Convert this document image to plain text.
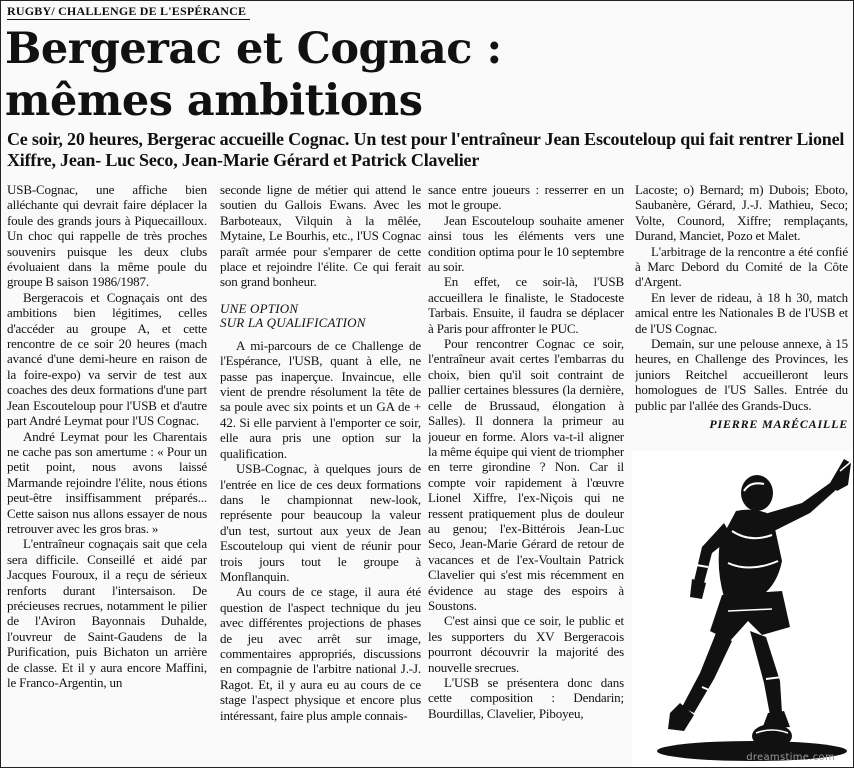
RUGBY/ CHALLENGE DE L'ESPÉRANCE
Bergerac et Cognac :
mêmes ambitions

Ce soir, 20 heures, Bergerac accueille Cognac. Un test pour l'entraîneur Jean Escouteloup qui fait rentrer Lionel Xiffre, Jean- Luc Seco, Jean-Marie Gérard et Patrick Clavelier

USB-Cognac, une affiche bien alléchante qui devrait faire déplacer la foule des grands jours à Piquecailloux. Un choc qui rappelle de très proches souvenirs puisque les deux clubs évoluaient dans la même poule du groupe B saison 1986/1987.

Bergeracois et Cognaçais ont des ambitions bien légitimes, celles d'accéder au groupe A, et cette rencontre de ce soir 20 heures (mach avancé d'une demi-heure en raison de la foire-expo) va servir de test aux coaches des deux formations d'une part Jean Escouteloup pour l'USB et d'autre part André Leymat pour l'US Cognac.

André Leymat pour les Charentais ne cache pas son amertume : « Pour un petit point, nous avons laissé Marmande rejoindre l'élite, nous étions peut-être insiffisamment préparés... Cette saison nus allons essayer de nous retrouver avec les gros bras. »

L'entraîneur cognaçais sait que cela sera difficile. Conseillé et aidé par Jacques Fouroux, il a reçu de sérieux renforts durant l'intersaison. De précieuses recrues, notamment le pilier de l'Aviron Bayonnais Duhalde, l'ouvreur de Saint-Gaudens de la Purification, puis Bichaton un arrière de classe. Et il y aura encore Maffini, le Franco-Argentin, un

seconde ligne de métier qui attend le soutien du Gallois Ewans. Avec les Barboteaux, Vilquin à la mêlée, Mytaine, Le Bourhis, etc., l'US Cognac paraît armée pour s'emparer de cette place et rejoindre l'élite. Ce qui ferait son grand bonheur.

UNE OPTION
SUR LA QUALIFICATION

A mi-parcours de ce Challenge de l'Espérance, l'USB, quant à elle, ne passe pas inaperçue. Invaincue, elle vient de prendre résolument la tête de sa poule avec six points et un GA de + 42. Si elle parvient à l'emporter ce soir, elle aura pris une option sur la qualification.

USB-Cognac, à quelques jours de l'entrée en lice de ces deux formations dans le championnat new-look, représente pour beaucoup la valeur d'un test, surtout aux yeux de Jean Escouteloup qui vient de réunir pour trois jours tout le groupe à Monflanquin.

Au cours de ce stage, il aura été question de l'aspect technique du jeu avec différentes projections de phases de jeu avec arrêt sur image, commentaires appropriés, discussions en compagnie de l'arbitre national J.-J. Ragot. Et, il y aura eu au cours de ce stage l'aspect physique et encore plus intéressant, faire plus ample connais-

sance entre joueurs : resserrer en un mot le groupe.

Jean Escouteloup souhaite amener ainsi tous les éléments vers une condition optima pour le 10 septembre au soir.

En effet, ce soir-là, l'USB accueillera le finaliste, le Stadoceste Tarbais. Ensuite, il faudra se déplacer à Paris pour affronter le PUC.

Pour rencontrer Cognac ce soir, l'entraîneur avait certes l'embarras du choix, bien qu'il soit contraint de pallier certaines blessures (la dernière, celle de Brussaud, élongation à Salles). Il donnera la primeur au joueur en forme. Alors va-t-il aligner la même équipe qui vient de triompher en terre girondine ? Non. Car il compte voir rapidement à l'œuvre Lionel Xiffre, l'ex-Niçois qui ne ressent pratiquement plus de douleur au genou; l'ex-Bittérois Jean-Luc Seco, Jean-Marie Gérard de retour de vacances et de l'ex-Voultain Patrick Clavelier qui s'est mis récemment en évidence au stage des espoirs à Soustons.

C'est ainsi que ce soir, le public et les supporters du XV Bergeracois pourront découvrir la majorité des nouvelle srecrues.

L'USB se présentera donc dans cette composition : Dendarin; Bourdillas, Clavelier, Piboyeu,

Lacoste; o) Bernard; m) Dubois; Eboto, Saubanère, Gérard, J.-J. Mathieu, Seco; Volte, Counord, Xiffre; remplaçants, Durand, Manciet, Pozo et Malet.

L'arbitrage de la rencontre a été confié à Marc Debord du Comité de la Côte d'Argent.

En lever de rideau, à 18 h 30, match amical entre les Nationales B de l'USB et de l'US Cognac.

Demain, sur une pelouse annexe, à 15 heures, en Challenge des Provinces, les juniors Reitchel accueilleront leurs homologues de l'US Salles. Entrée du public par l'allée des Grands-Ducs.

PIERRE MARÉCAILLE
dreamstime.com
